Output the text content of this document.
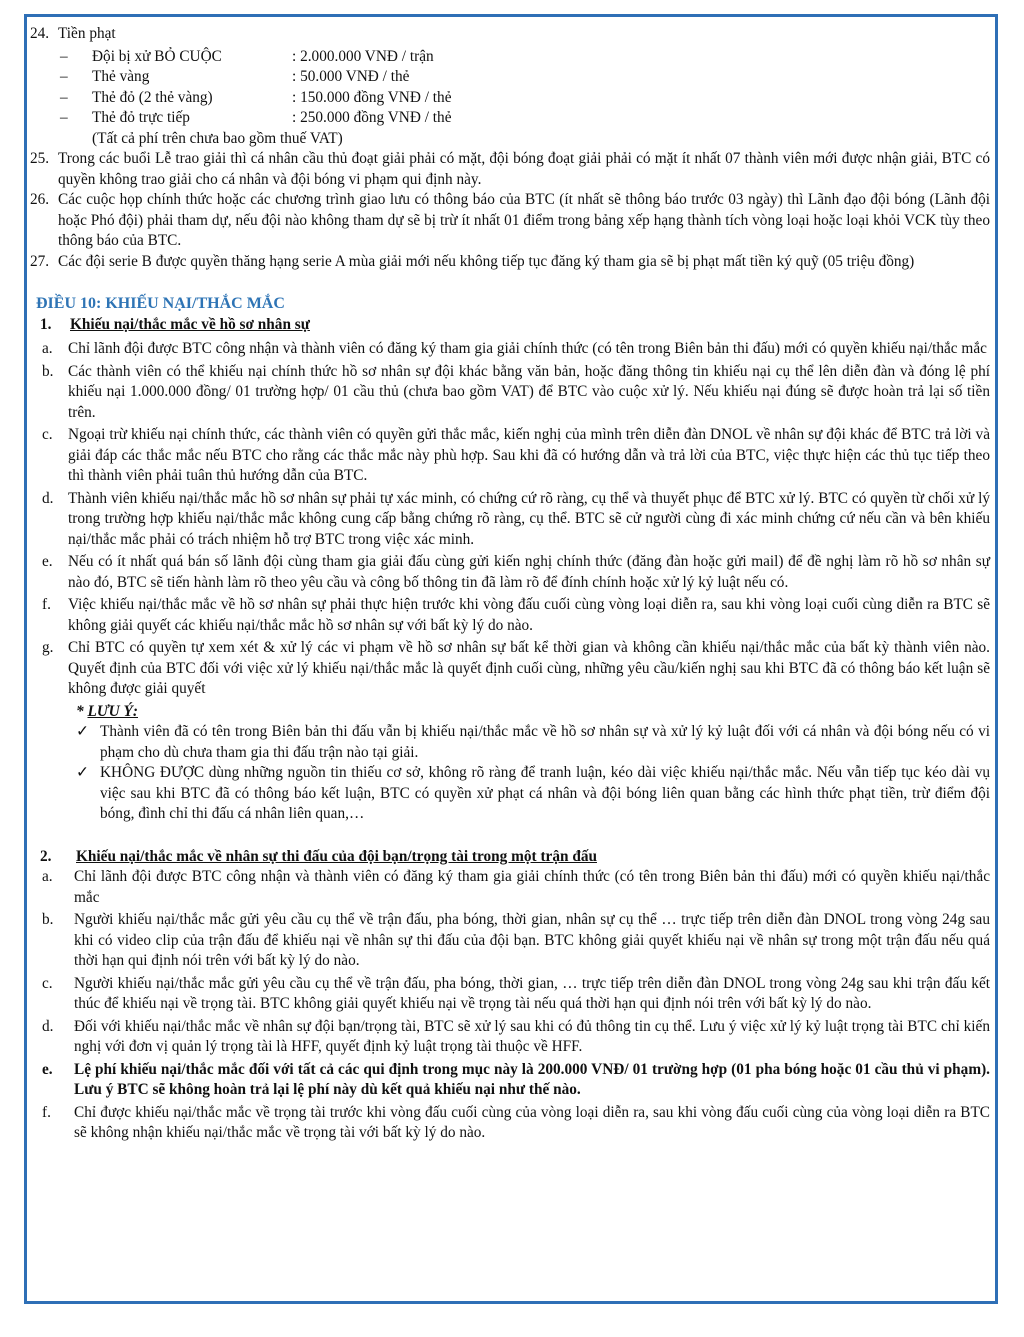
24. Tiền phạt
–	Đội bị xử BỎ CUỘC	: 2.000.000 VNĐ / trận
–	Thẻ vàng	: 50.000 VNĐ / thẻ
–	Thẻ đỏ (2 thẻ vàng)	: 150.000 đồng VNĐ / thẻ
–	Thẻ đỏ trực tiếp	: 250.000 đồng VNĐ / thẻ
(Tất cả phí trên chưa bao gồm thuế VAT)
25. Trong các buổi Lễ trao giải thì cá nhân cầu thủ đoạt giải phải có mặt, đội bóng đoạt giải phải có mặt ít nhất 07 thành viên mới được nhận giải, BTC có quyền không trao giải cho cá nhân và đội bóng vi phạm qui định này.
26. Các cuộc họp chính thức hoặc các chương trình giao lưu có thông báo của BTC (ít nhất sẽ thông báo trước 03 ngày) thì Lãnh đạo đội bóng (Lãnh đội hoặc Phó đội) phải tham dự, nếu đội nào không tham dự sẽ bị trừ ít nhất 01 điểm trong bảng xếp hạng thành tích vòng loại hoặc loại khỏi VCK tùy theo thông báo của BTC.
27. Các đội serie B được quyền thăng hạng serie A mùa giải mới nếu không tiếp tục đăng ký tham gia sẽ bị phạt mất tiền ký quỹ (05 triệu đồng)
ĐIỀU 10: KHIẾU NẠI/THẮC MẮC
1.	Khiếu nại/thắc mắc về hồ sơ nhân sự
a.	Chỉ lãnh đội được BTC công nhận và thành viên có đăng ký tham gia giải chính thức (có tên trong Biên bản thi đấu) mới có quyền khiếu nại/thắc mắc
b. Các thành viên có thể khiếu nại chính thức hồ sơ nhân sự đội khác bằng văn bản, hoặc đăng thông tin khiếu nại cụ thể lên diễn đàn và đóng lệ phí khiếu nại 1.000.000 đồng/ 01 trường hợp/ 01 cầu thủ (chưa bao gồm VAT) để BTC vào cuộc xử lý. Nếu khiếu nại đúng sẽ được hoàn trả lại số tiền trên.
c.	Ngoại trừ khiếu nại chính thức, các thành viên có quyền gửi thắc mắc, kiến nghị của mình trên diễn đàn DNOL về nhân sự đội khác để BTC trả lời và giải đáp các thắc mắc nếu BTC cho rằng các thắc mắc này phù hợp. Sau khi đã có hướng dẫn và trả lời của BTC, việc thực hiện các thủ tục tiếp theo thì thành viên phải tuân thủ hướng dẫn của BTC.
d. Thành viên khiếu nại/thắc mắc hồ sơ nhân sự phải tự xác minh, có chứng cứ rõ ràng, cụ thể và thuyết phục để BTC xử lý. BTC có quyền từ chối xử lý trong trường hợp khiếu nại/thắc mắc không cung cấp bằng chứng rõ ràng, cụ thể. BTC sẽ cử người cùng đi xác minh chứng cứ nếu cần và bên khiếu nại/thắc mắc phải có trách nhiệm hỗ trợ BTC trong việc xác minh.
e.	Nếu có ít nhất quá bán số lãnh đội cùng tham gia giải đấu cùng gửi kiến nghị chính thức (đăng đàn hoặc gửi mail) để đề nghị làm rõ hồ sơ nhân sự nào đó, BTC sẽ tiến hành làm rõ theo yêu cầu và công bố thông tin đã làm rõ để đính chính hoặc xử lý kỷ luật nếu có.
f.	Việc khiếu nại/thắc mắc về hồ sơ nhân sự phải thực hiện trước khi vòng đấu cuối cùng vòng loại diễn ra, sau khi vòng loại cuối cùng diễn ra BTC sẽ không giải quyết các khiếu nại/thắc mắc hồ sơ nhân sự với bất kỳ lý do nào.
g. Chỉ BTC có quyền tự xem xét & xử lý các vi phạm về hồ sơ nhân sự bất kể thời gian và không cần khiếu nại/thắc mắc của bất kỳ thành viên nào. Quyết định của BTC đối với việc xử lý khiếu nại/thắc mắc là quyết định cuối cùng, những yêu cầu/kiến nghị sau khi BTC đã có thông báo kết luận sẽ không được giải quyết
* LƯU Ý:
✓ Thành viên đã có tên trong Biên bản thi đấu vẫn bị khiếu nại/thắc mắc về hồ sơ nhân sự và xử lý kỷ luật đối với cá nhân và đội bóng nếu có vi phạm cho dù chưa tham gia thi đấu trận nào tại giải.
✓ KHÔNG ĐƯỢC dùng những nguồn tin thiếu cơ sở, không rõ ràng để tranh luận, kéo dài việc khiếu nại/thắc mắc. Nếu vẫn tiếp tục kéo dài vụ việc sau khi BTC đã có thông báo kết luận, BTC có quyền xử phạt cá nhân và đội bóng liên quan bằng các hình thức phạt tiền, trừ điểm đội bóng, đình chỉ thi đấu cá nhân liên quan,…
2.	Khiếu nại/thắc mắc về nhân sự thi đấu của đội bạn/trọng tài trong một trận đấu
a.	Chỉ lãnh đội được BTC công nhận và thành viên có đăng ký tham gia giải chính thức (có tên trong Biên bản thi đấu) mới có quyền khiếu nại/thắc mắc
b.	Người khiếu nại/thắc mắc gửi yêu cầu cụ thể về trận đấu, pha bóng, thời gian, nhân sự cụ thể … trực tiếp trên diễn đàn DNOL trong vòng 24g sau khi có video clip của trận đấu để khiếu nại về nhân sự thi đấu của đội bạn. BTC không giải quyết khiếu nại về nhân sự trong một trận đấu nếu quá thời hạn qui định nói trên với bất kỳ lý do nào.
c.	Người khiếu nại/thắc mắc gửi yêu cầu cụ thể về trận đấu, pha bóng, thời gian, … trực tiếp trên diễn đàn DNOL trong vòng 24g sau khi trận đấu kết thúc để khiếu nại về trọng tài. BTC không giải quyết khiếu nại về trọng tài nếu quá thời hạn qui định nói trên với bất kỳ lý do nào.
d.	Đối với khiếu nại/thắc mắc về nhân sự đội bạn/trọng tài, BTC sẽ xử lý sau khi có đủ thông tin cụ thể. Lưu ý việc xử lý kỷ luật trọng tài BTC chỉ kiến nghị với đơn vị quản lý trọng tài là HFF, quyết định kỷ luật trọng tài thuộc về HFF.
e.	Lệ phí khiếu nại/thắc mắc đối với tất cả các qui định trong mục này là 200.000 VNĐ/ 01 trường hợp (01 pha bóng hoặc 01 cầu thủ vi phạm). Lưu ý BTC sẽ không hoàn trả lại lệ phí này dù kết quả khiếu nại như thế nào.
f.	Chỉ được khiếu nại/thắc mắc về trọng tài trước khi vòng đấu cuối cùng của vòng loại diễn ra, sau khi vòng đấu cuối cùng của vòng loại diễn ra BTC sẽ không nhận khiếu nại/thắc mắc về trọng tài với bất kỳ lý do nào.
